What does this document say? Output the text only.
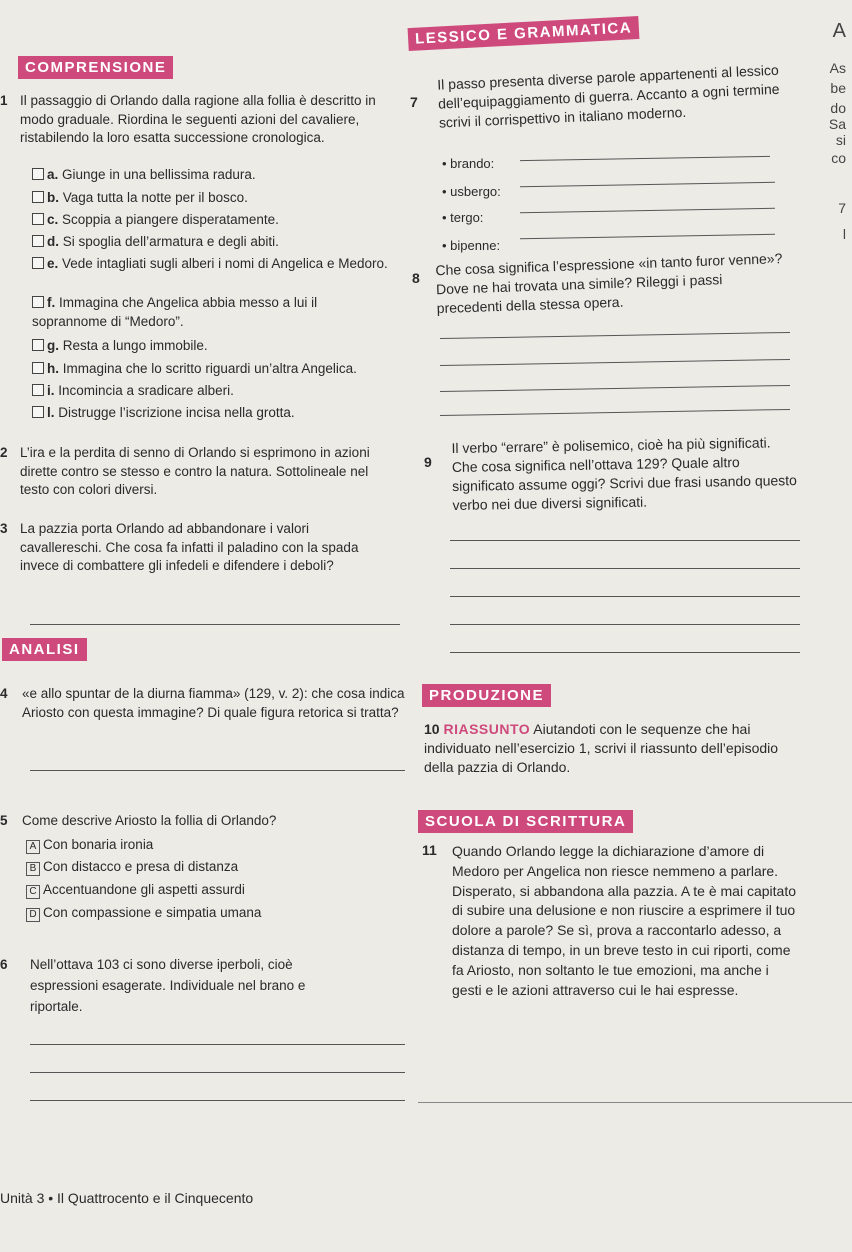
COMPRENSIONE
1 Il passaggio di Orlando dalla ragione alla follia è descritto in modo graduale. Riordina le seguenti azioni del cavaliere, ristabilendo la loro esatta successione cronologica.
a. Giunge in una bellissima radura.
b. Vaga tutta la notte per il bosco.
c. Scoppia a piangere disperatamente.
d. Si spoglia dell’armatura e degli abiti.
e. Vede intagliati sugli alberi i nomi di Angelica e Medoro.
f. Immagina che Angelica abbia messo a lui il soprannome di “Medoro”.
g. Resta a lungo immobile.
h. Immagina che lo scritto riguardi un’altra Angelica.
i. Incomincia a sradicare alberi.
l. Distrugge l’iscrizione incisa nella grotta.
2 L’ira e la perdita di senno di Orlando si esprimono in azioni dirette contro se stesso e contro la natura. Sottolineale nel testo con colori diversi.
3 La pazzia porta Orlando ad abbandonare i valori cavallereschi. Che cosa fa infatti il paladino con la spada invece di combattere gli infedeli e difendere i deboli?
ANALISI
4	«e allo spuntar de la diurna fiamma» (129, v. 2): che cosa indica Ariosto con questa immagine? Di quale figura retorica si tratta?
5	Come descrive Ariosto la follia di Orlando?
A Con bonaria ironia
B Con distacco e presa di distanza
C Accentuandone gli aspetti assurdi
D Con compassione e simpatia umana
6	Nell’ottava 103 ci sono diverse iperboli, cioè espressioni esagerate. Individuale nel brano e riportale.
LESSICO E GRAMMATICA
7
Il passo presenta diverse parole appartenenti al lessico dell’equipaggiamento di guerra. Accanto a ogni termine scrivi il corrispettivo in italiano moderno.
• brando:
• usbergo:
• tergo:
• bipenne:
8 Che cosa significa l’espressione «in tanto furor venne»? Dove ne hai trovata una simile? Rileggi i passi precedenti della stessa opera.
9
Il verbo “errare” è polisemico, cioè ha più significati. Che cosa significa nell’ottava 129? Quale altro significato assume oggi? Scrivi due frasi usando questo verbo nei due diversi significati.
PRODUZIONE
10 RIASSUNTO Aiutandoti con le sequenze che hai individuato nell’esercizio 1, scrivi il riassunto dell’episodio della pazzia di Orlando.
SCUOLA DI SCRITTURA
11 Quando Orlando legge la dichiarazione d’amore di Medoro per Angelica non riesce nemmeno a parlare. Disperato, si abbandona alla pazzia. A te è mai capitato di subire una delusione e non riuscire a esprimere il tuo dolore a parole? Se sì, prova a raccontarlo adesso, a distanza di tempo, in un breve testo in cui riporti, come fa Ariosto, non soltanto le tue emozioni, ma anche i gesti e le azioni attraverso cui le hai espresse.
Unità 3 • Il Quattrocento e il Cinquecento
A
As
be
do
Sa
si
co
7
l
